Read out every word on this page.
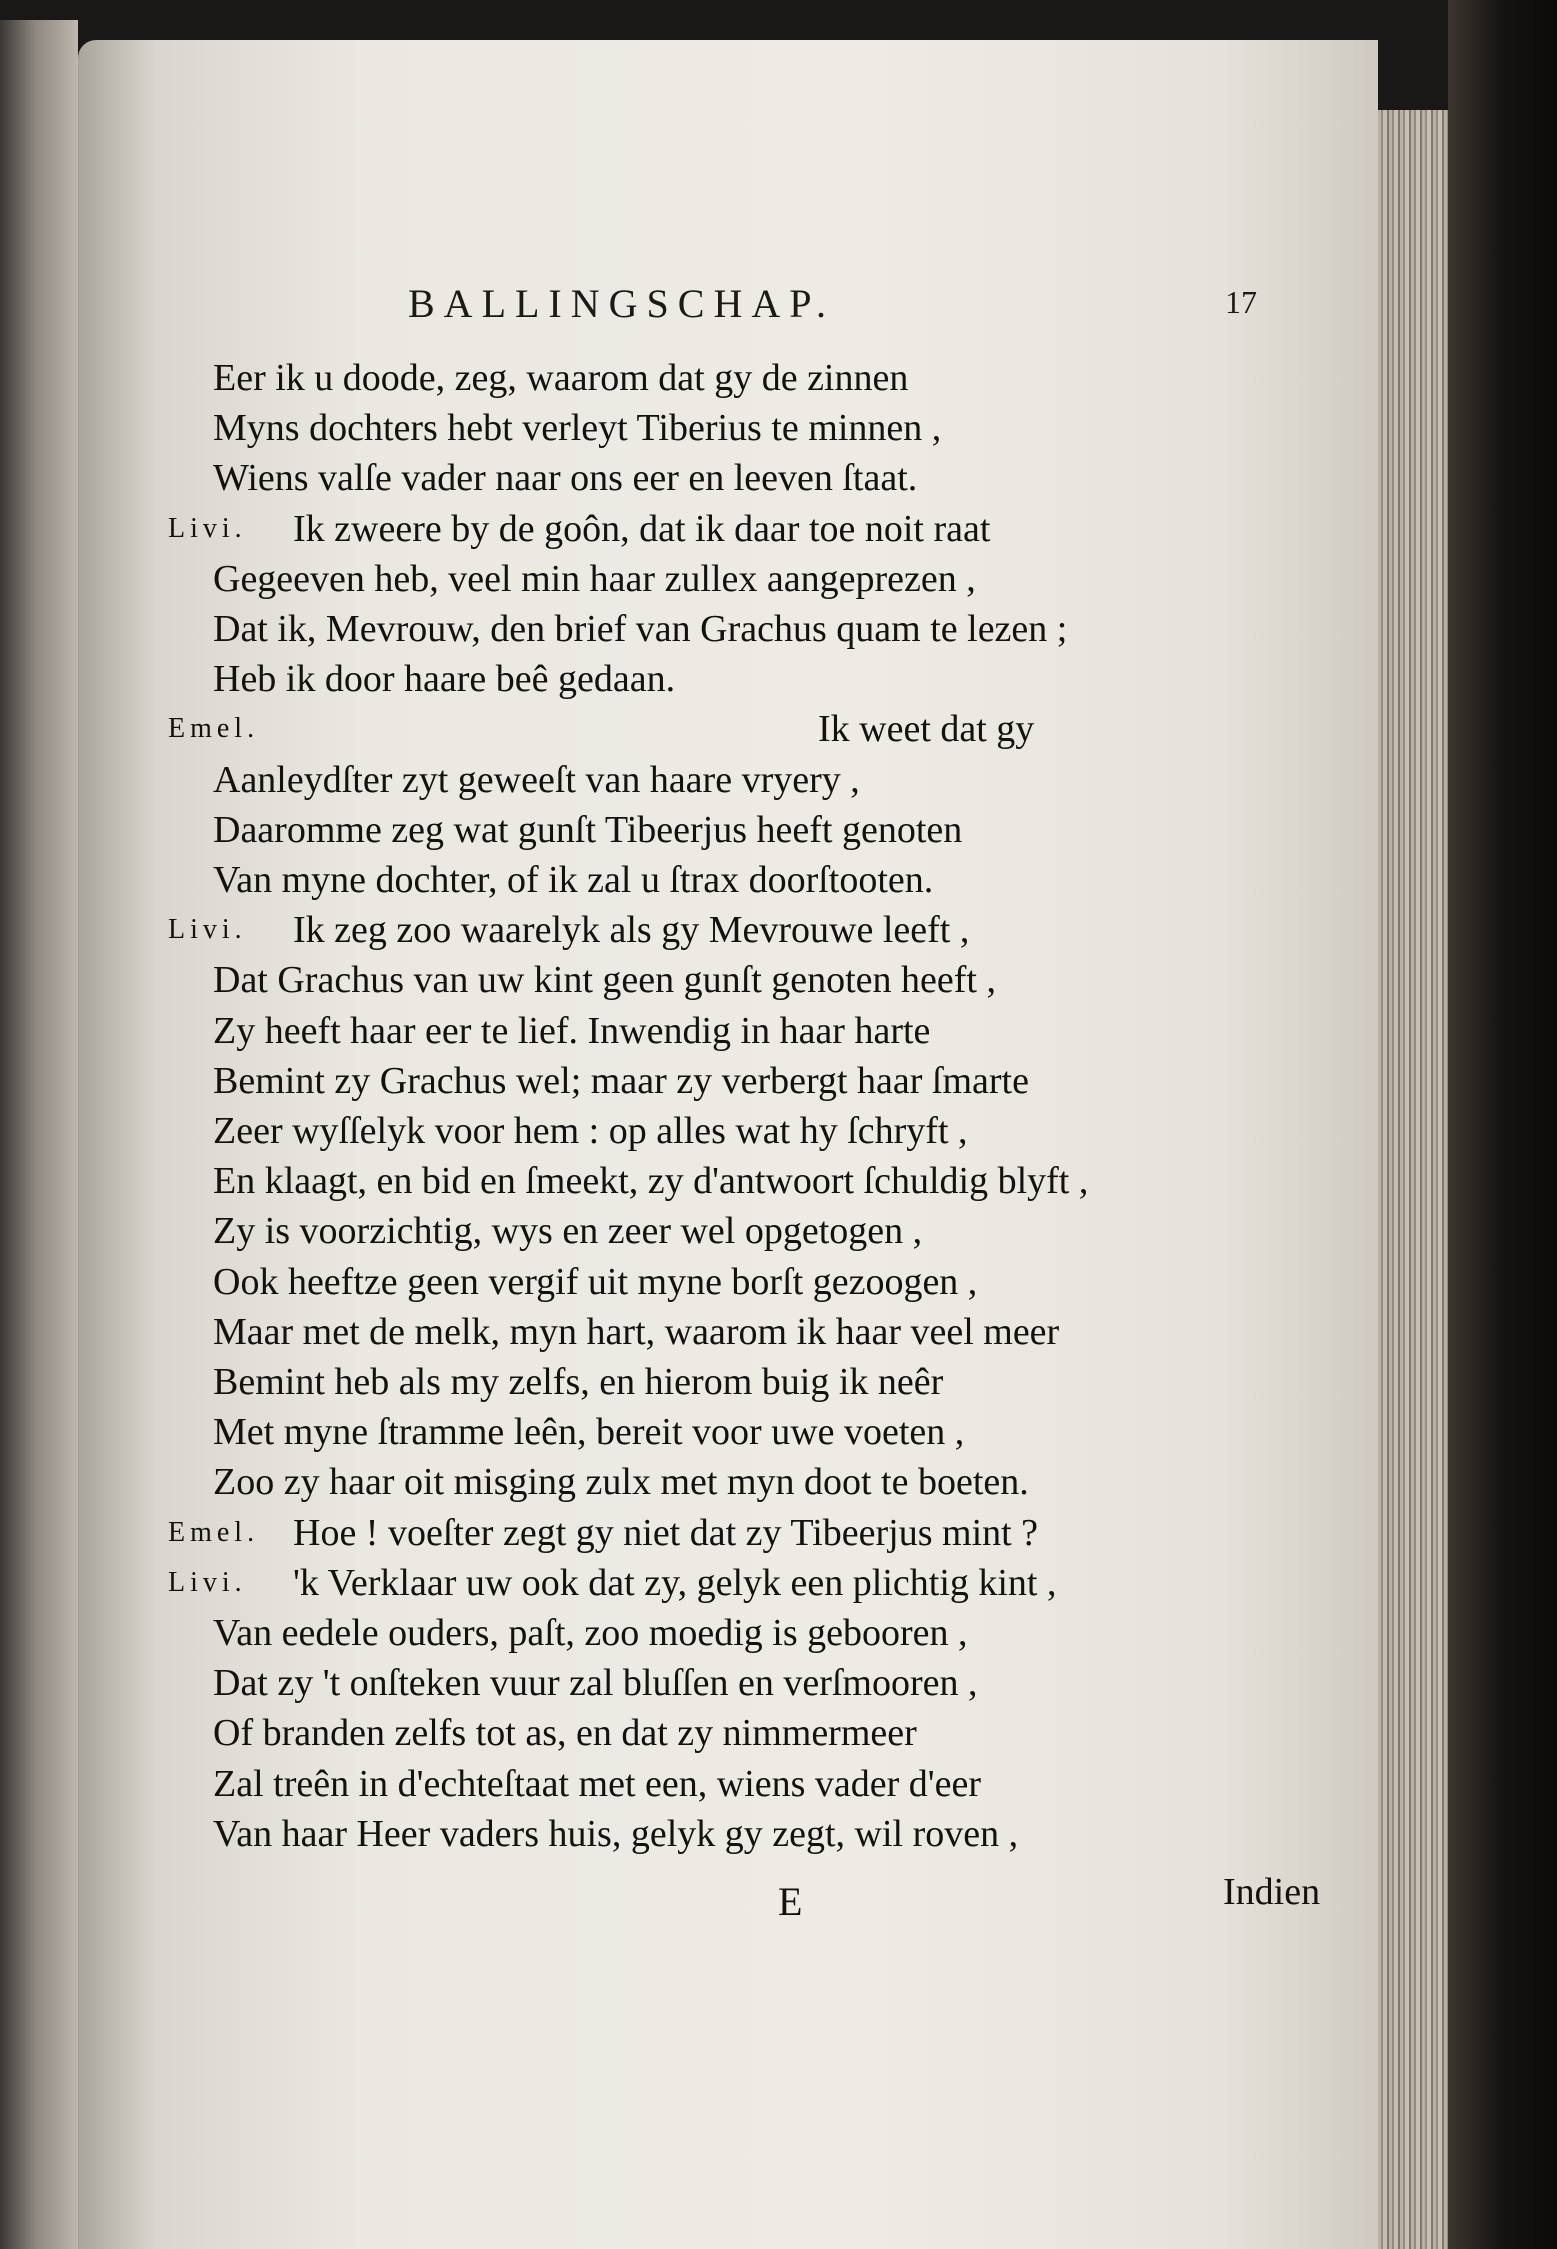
BALLINGSCHAP.	17
Eer ik u doode, zeg, waarom dat gy de zinnen
Myns dochters hebt verleyt Tiberius te minnen ,
Wiens valſe vader naar ons eer en leeven ſtaat.
Livi. Ik zweere by de goôn, dat ik daar toe noit raat
Gegeeven heb, veel min haar zullex aangeprezen ,
Dat ik, Mevrouw, den brief van Grachus quam te lezen ;
Heb ik door haare beê gedaan.
Emel.	Ik weet dat gy
Aanleydſter zyt geweeſt van haare vryery ,
Daaromme zeg wat gunſt Tibeerjus heeft genoten
Van myne dochter, of ik zal u ſtrax doorſtooten.
Livi. Ik zeg zoo waarelyk als gy Mevrouwe leeft ,
Dat Grachus van uw kint geen gunſt genoten heeft ,
Zy heeft haar eer te lief. Inwendig in haar harte
Bemint zy Grachus wel; maar zy verbergt haar ſmarte
Zeer wyſſelyk voor hem : op alles wat hy ſchryft ,
En klaagt, en bid en ſmeekt, zy d'antwoort ſchuldig blyft ,
Zy is voorzichtig, wys en zeer wel opgetogen ,
Ook heeftze geen vergif uit myne borſt gezoogen ,
Maar met de melk, myn hart, waarom ik haar veel meer
Bemint heb als my zelfs, en hierom buig ik neêr
Met myne ſtramme leên, bereit voor uwe voeten ,
Zoo zy haar oit misging zulx met myn doot te boeten.
Emel. Hoe ! voeſter zegt gy niet dat zy Tibeerjus mint ?
Livi. 'k Verklaar uw ook dat zy, gelyk een plichtig kint ,
Van eedele ouders, paſt, zoo moedig is gebooren ,
Dat zy 't onſteken vuur zal bluſſen en verſmooren ,
Of branden zelfs tot as, en dat zy nimmermeer
Zal treên in d'echteſtaat met een, wiens vader d'eer
Van haar Heer vaders huis, gelyk gy zegt, wil roven ,
E	Indien
